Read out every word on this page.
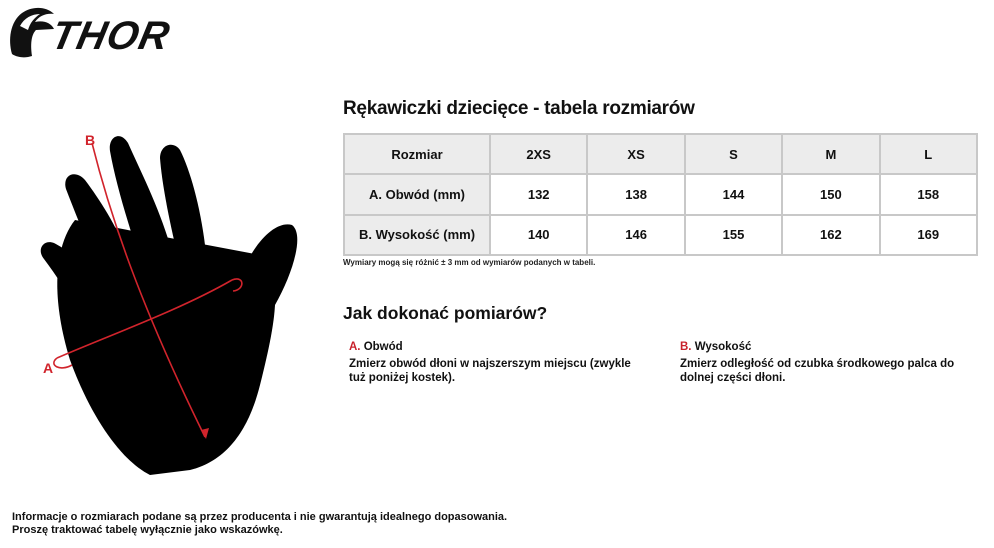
THOR
B
A
Rękawiczki dziecięce - tabela rozmiarów
Rozmiar	2XS	XS	S	M	L
A. Obwód (mm)	132	138	144	150	158
B. Wysokość (mm)	140	146	155	162	169
Wymiary mogą się różnić ± 3 mm od wymiarów podanych w tabeli.
Jak dokonać pomiarów?
A. Obwód
Zmierz obwód dłoni w najszerszym miejscu (zwykle tuż poniżej kostek).
B. Wysokość
Zmierz odległość od czubka środkowego palca do dolnej części dłoni.
Informacje o rozmiarach podane są przez producenta i nie gwarantują idealnego dopasowania.
Proszę traktować tabelę wyłącznie jako wskazówkę.
